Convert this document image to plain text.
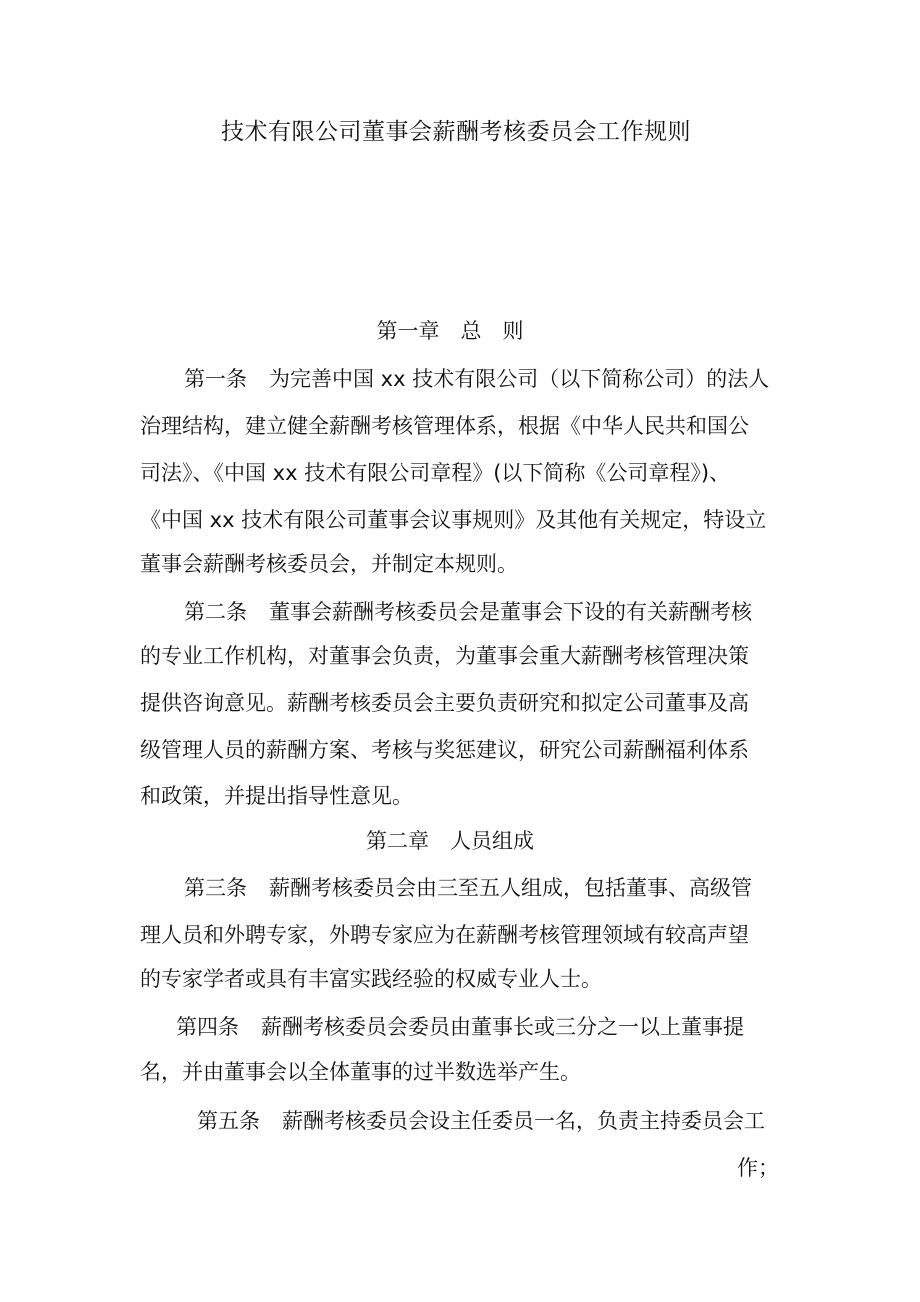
技术有限公司董事会薪酬考核委员会工作规则
第一章　总　则
第一条 为完善中国 xx 技术有限公司（以下简称公司）的法人
治理结构，建立健全薪酬考核管理体系，根据《中华人民共和国公
司法》、《中国 xx 技术有限公司章程》(以下简称《公司章程》)、
《中国 xx 技术有限公司董事会议事规则》及其他有关规定，特设立
董事会薪酬考核委员会，并制定本规则。
第二条 董事会薪酬考核委员会是董事会下设的有关薪酬考核
的专业工作机构，对董事会负责，为董事会重大薪酬考核管理决策
提供咨询意见。薪酬考核委员会主要负责研究和拟定公司董事及高
级管理人员的薪酬方案、考核与奖惩建议，研究公司薪酬福利体系
和政策，并提出指导性意见。
第二章　人员组成
第三条 薪酬考核委员会由三至五人组成，包括董事、高级管
理人员和外聘专家，外聘专家应为在薪酬考核管理领域有较高声望
的专家学者或具有丰富实践经验的权威专业人士。
第四条 薪酬考核委员会委员由董事长或三分之一以上董事提
名，并由董事会以全体董事的过半数选举产生。
第五条 薪酬考核委员会设主任委员一名，负责主持委员会工
作；
